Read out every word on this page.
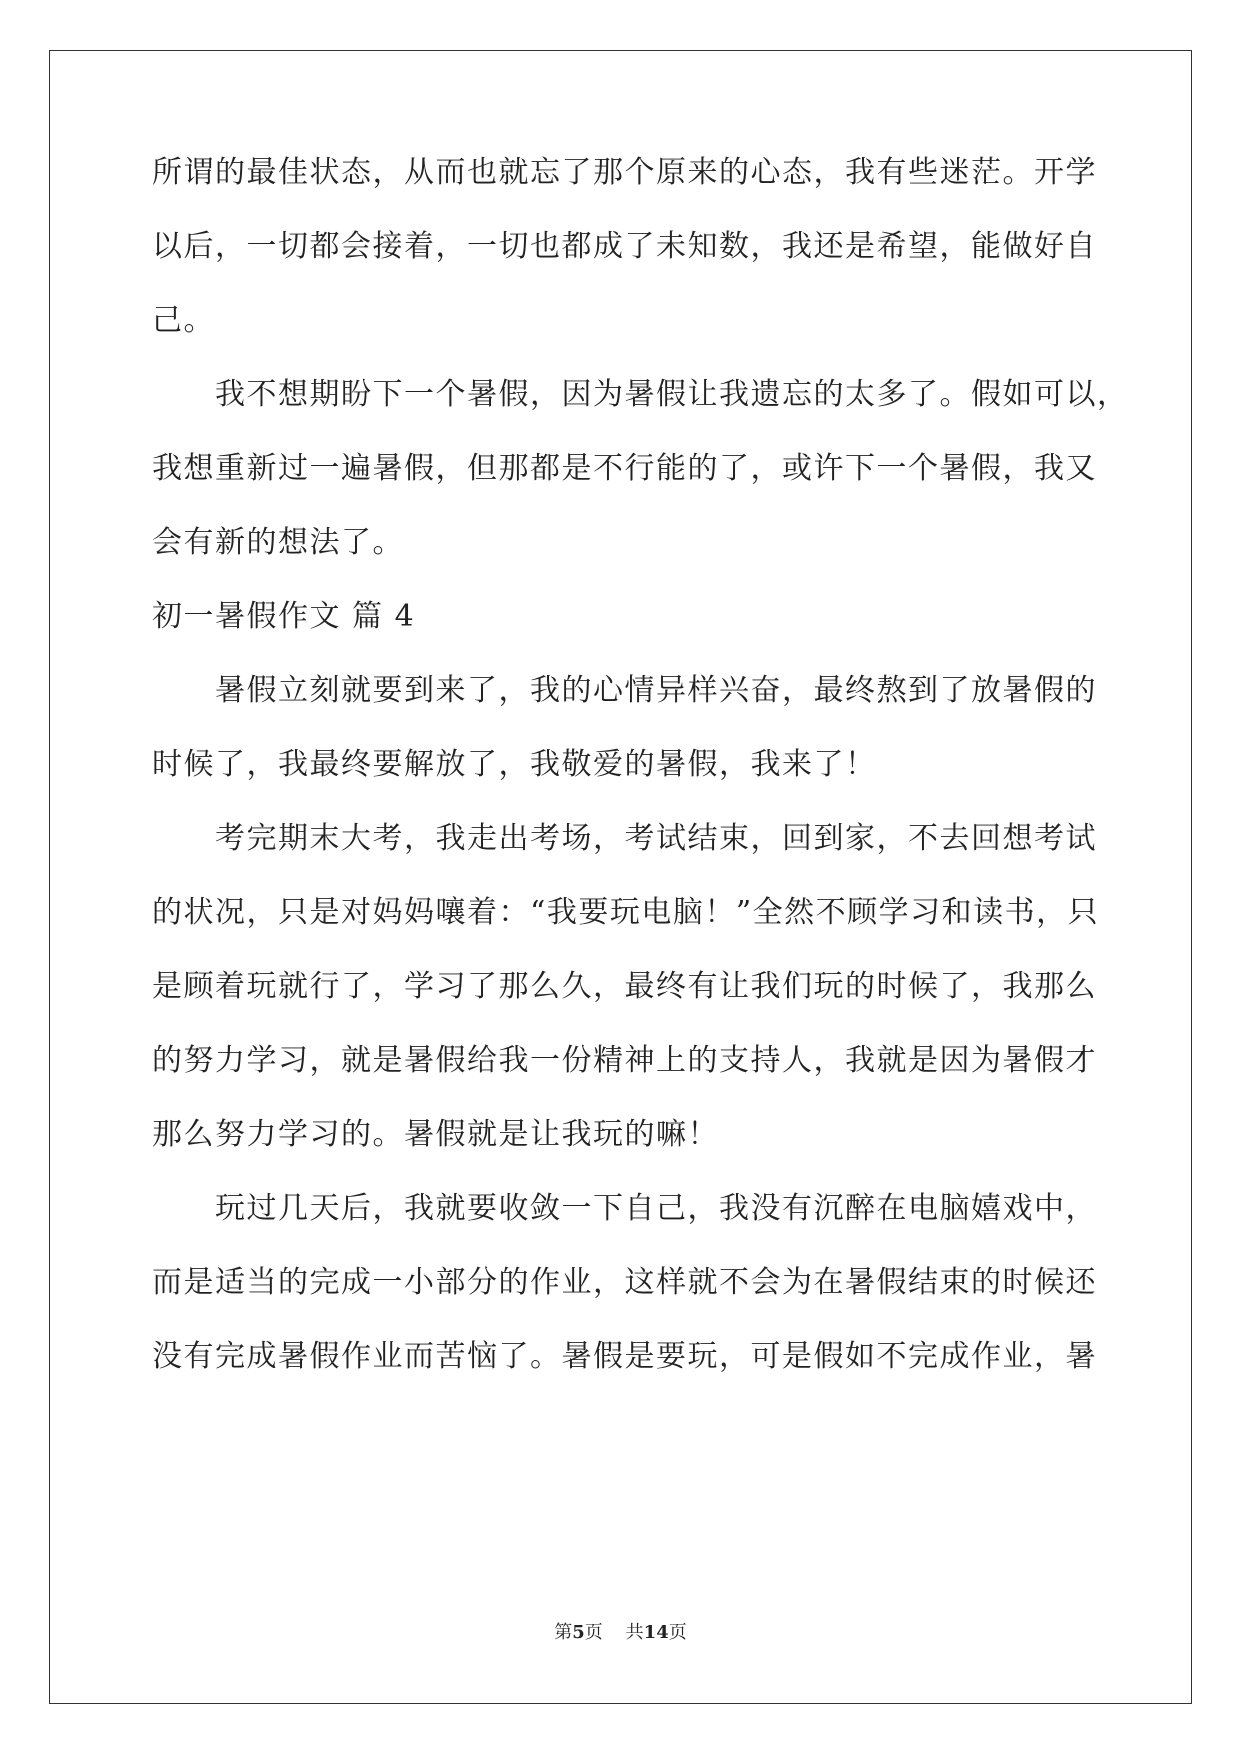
所谓的最佳状态，从而也就忘了那个原来的心态，我有些迷茫。开学
以后，一切都会接着，一切也都成了未知数，我还是希望，能做好自
己。
　　我不想期盼下一个暑假，因为暑假让我遗忘的太多了。假如可以，
我想重新过一遍暑假，但那都是不行能的了，或许下一个暑假，我又
会有新的想法了。
初一暑假作文 篇 4
　　暑假立刻就要到来了，我的心情异样兴奋，最终熬到了放暑假的
时候了，我最终要解放了，我敬爱的暑假，我来了！
　　考完期末大考，我走出考场，考试结束，回到家，不去回想考试
的状况，只是对妈妈嚷着：“我要玩电脑！”全然不顾学习和读书，只
是顾着玩就行了，学习了那么久，最终有让我们玩的时候了，我那么
的努力学习，就是暑假给我一份精神上的支持人，我就是因为暑假才
那么努力学习的。暑假就是让我玩的嘛！
　　玩过几天后，我就要收敛一下自己，我没有沉醉在电脑嬉戏中，
而是适当的完成一小部分的作业，这样就不会为在暑假结束的时候还
没有完成暑假作业而苦恼了。暑假是要玩，可是假如不完成作业，暑
第5页 共14页
